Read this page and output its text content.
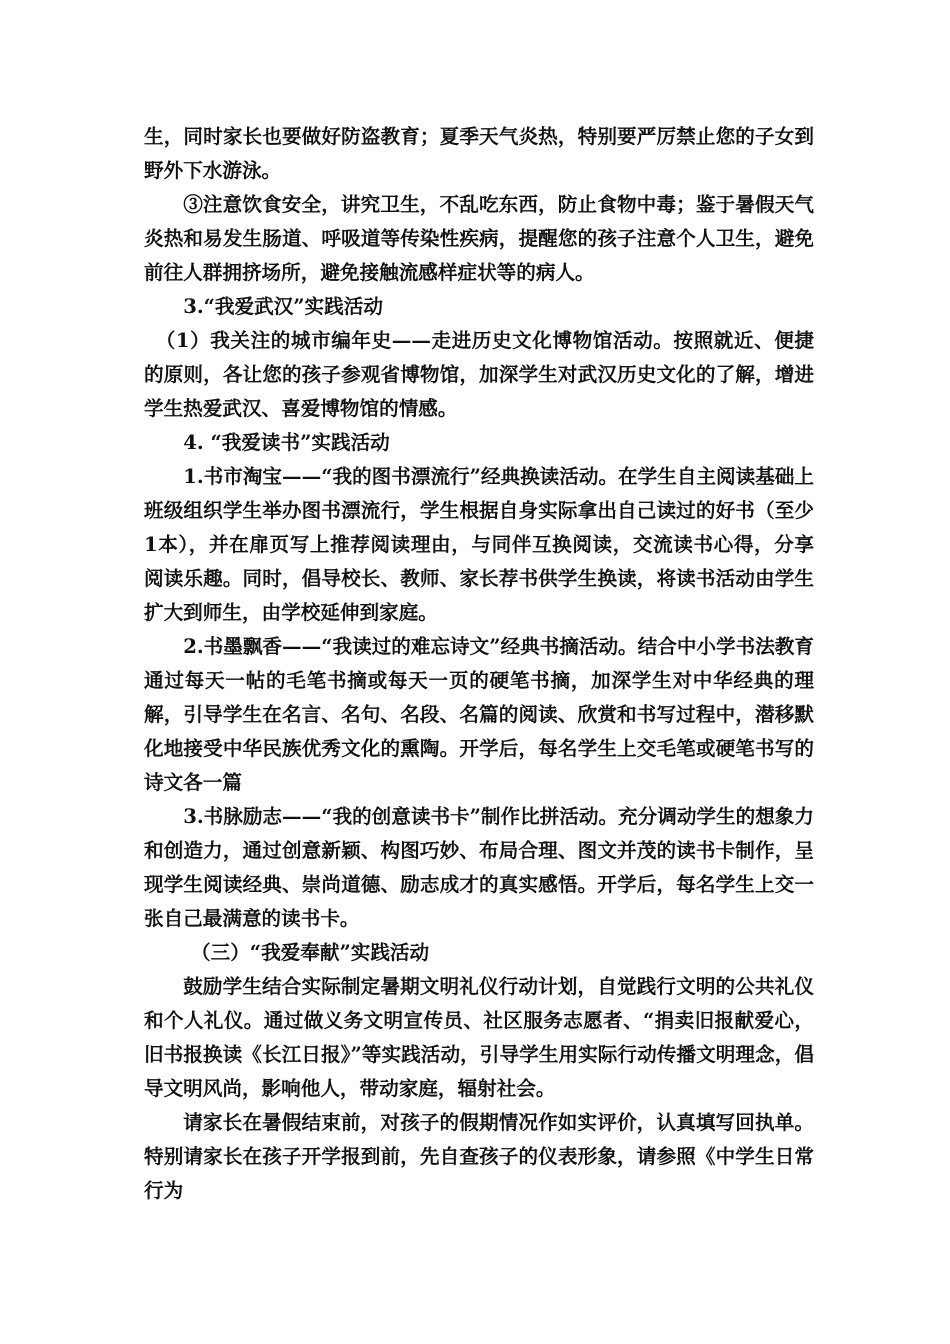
生，同时家长也要做好防盗教育；夏季天气炎热，特别要严厉禁止您的子女到野外下水游泳。

③注意饮食安全，讲究卫生，不乱吃东西，防止食物中毒；鉴于暑假天气炎热和易发生肠道、呼吸道等传染性疾病，提醒您的孩子注意个人卫生，避免前往人群拥挤场所，避免接触流感样症状等的病人。

3.“我爱武汉”实践活动

（1）我关注的城市编年史——走进历史文化博物馆活动。按照就近、便捷的原则，各让您的孩子参观省博物馆，加深学生对武汉历史文化的了解，增进学生热爱武汉、喜爱博物馆的情感。

4. “我爱读书”实践活动

1.书市淘宝——“我的图书漂流行”经典换读活动。在学生自主阅读基础上班级组织学生举办图书漂流行，学生根据自身实际拿出自己读过的好书（至少1本），并在扉页写上推荐阅读理由，与同伴互换阅读，交流读书心得，分享阅读乐趣。同时，倡导校长、教师、家长荐书供学生换读，将读书活动由学生扩大到师生，由学校延伸到家庭。

2.书墨飘香——“我读过的难忘诗文”经典书摘活动。结合中小学书法教育通过每天一帖的毛笔书摘或每天一页的硬笔书摘，加深学生对中华经典的理解，引导学生在名言、名句、名段、名篇的阅读、欣赏和书写过程中，潜移默化地接受中华民族优秀文化的熏陶。开学后，每名学生上交毛笔或硬笔书写的诗文各一篇

3.书脉励志——“我的创意读书卡”制作比拼活动。充分调动学生的想象力和创造力，通过创意新颖、构图巧妙、布局合理、图文并茂的读书卡制作，呈现学生阅读经典、崇尚道德、励志成才的真实感悟。开学后，每名学生上交一张自己最满意的读书卡。

（三）“我爱奉献”实践活动

鼓励学生结合实际制定暑期文明礼仪行动计划，自觉践行文明的公共礼仪和个人礼仪。通过做义务文明宣传员、社区服务志愿者、“捐卖旧报献爱心，旧书报换读《长江日报》”等实践活动，引导学生用实际行动传播文明理念，倡导文明风尚，影响他人，带动家庭，辐射社会。

请家长在暑假结束前，对孩子的假期情况作如实评价，认真填写回执单。特别请家长在孩子开学报到前，先自查孩子的仪表形象，请参照《中学生日常行为
